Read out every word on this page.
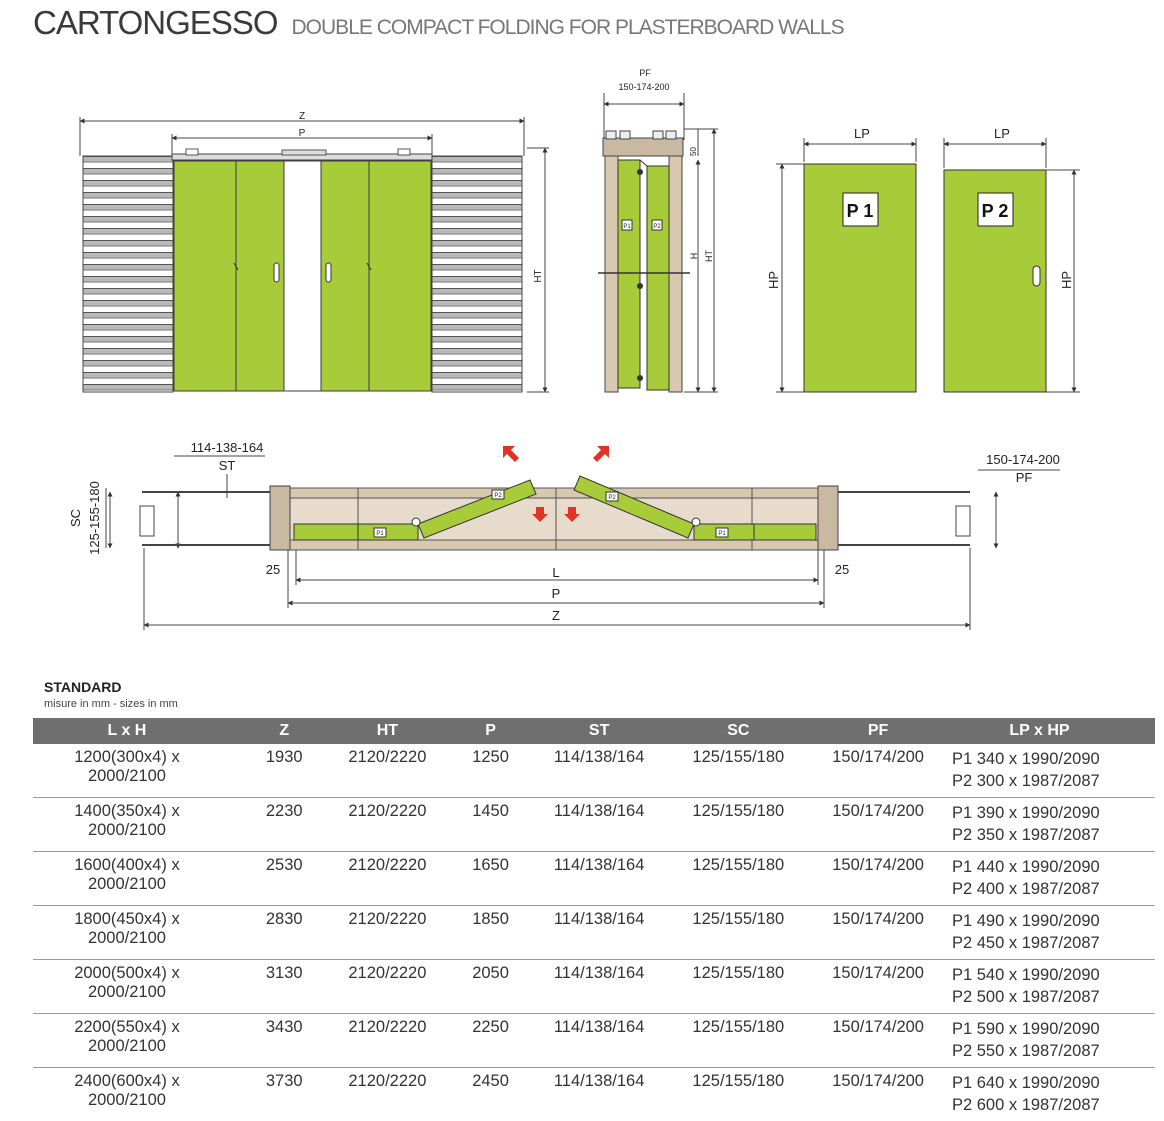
CARTONGESSO DOUBLE COMPACT FOLDING FOR PLASTERBOARD WALLS
Z
P
HT
PF
150-174-200
P1	P2
50
H HT
LP
P 1
HP
LP
P 2
HP
114-138-164
ST
SC 125-155-180
150-174-200
PF
P1
P2
P1
P2
25	25
L
P
Z
STANDARD
misure in mm - sizes in mm
L x H	Z	HT	P	ST	SC	PF	LP x HP
1200(300x4) x 2000/2100	1930	2120/2220	1250	114/138/164	125/155/180	150/174/200	P1 340 x 1990/2090
P2 300 x 1987/2087

1400(350x4) x 2000/2100	2230	2120/2220	1450	114/138/164	125/155/180	150/174/200	P1 390 x 1990/2090
P2 350 x 1987/2087

1600(400x4) x 2000/2100	2530	2120/2220	1650	114/138/164	125/155/180	150/174/200	P1 440 x 1990/2090
P2 400 x 1987/2087

1800(450x4) x 2000/2100	2830	2120/2220	1850	114/138/164	125/155/180	150/174/200	P1 490 x 1990/2090
P2 450 x 1987/2087

2000(500x4) x 2000/2100	3130	2120/2220	2050	114/138/164	125/155/180	150/174/200	P1 540 x 1990/2090
P2 500 x 1987/2087

2200(550x4) x 2000/2100	3430	2120/2220	2250	114/138/164	125/155/180	150/174/200	P1 590 x 1990/2090
P2 550 x 1987/2087

2400(600x4) x 2000/2100	3730	2120/2220	2450	114/138/164	125/155/180	150/174/200	P1 640 x 1990/2090
P2 600 x 1987/2087
